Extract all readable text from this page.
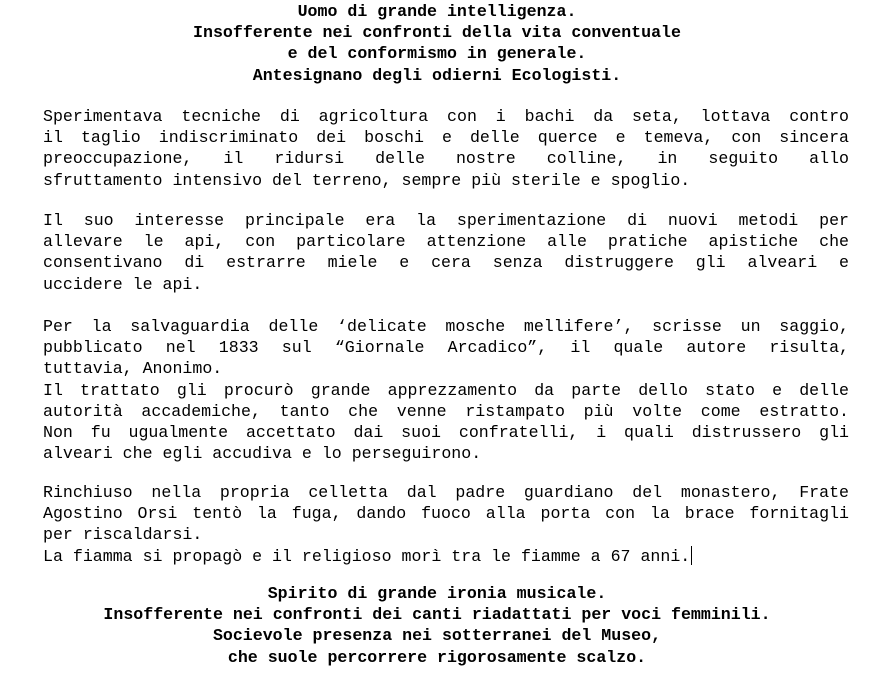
Uomo di grande intelligenza.
Insofferente nei confronti della vita conventuale
e del conformismo in generale.
Antesignano degli odierni Ecologisti.
Sperimentava tecniche di agricoltura con i bachi da seta, lottava contro
il taglio indiscriminato dei boschi e delle querce e temeva, con sincera
preoccupazione, il ridursi delle nostre colline, in seguito allo
sfruttamento intensivo del terreno, sempre più sterile e spoglio.
Il suo interesse principale era la sperimentazione di nuovi metodi per
allevare le api, con particolare attenzione alle pratiche apistiche che
consentivano di estrarre miele e cera senza distruggere gli alveari e
uccidere le api.
Per la salvaguardia delle ‘delicate mosche mellifere’, scrisse un saggio,
pubblicato nel 1833 sul “Giornale Arcadico”, il quale autore risulta,
tuttavia, Anonimo.
Il trattato gli procurò grande apprezzamento da parte dello stato e delle
autorità accademiche, tanto che venne ristampato più volte come estratto.
Non fu ugualmente accettato dai suoi confratelli, i quali distrussero gli
alveari che egli accudiva e lo perseguirono.
Rinchiuso nella propria celletta dal padre guardiano del monastero, Frate
Agostino Orsi tentò la fuga, dando fuoco alla porta con la brace fornitagli
per riscaldarsi.
La fiamma si propagò e il religioso morì tra le fiamme a 67 anni.
Spirito di grande ironia musicale.
Insofferente nei confronti dei canti riadattati per voci femminili.
Socievole presenza nei sotterranei del Museo,
che suole percorrere rigorosamente scalzo.
